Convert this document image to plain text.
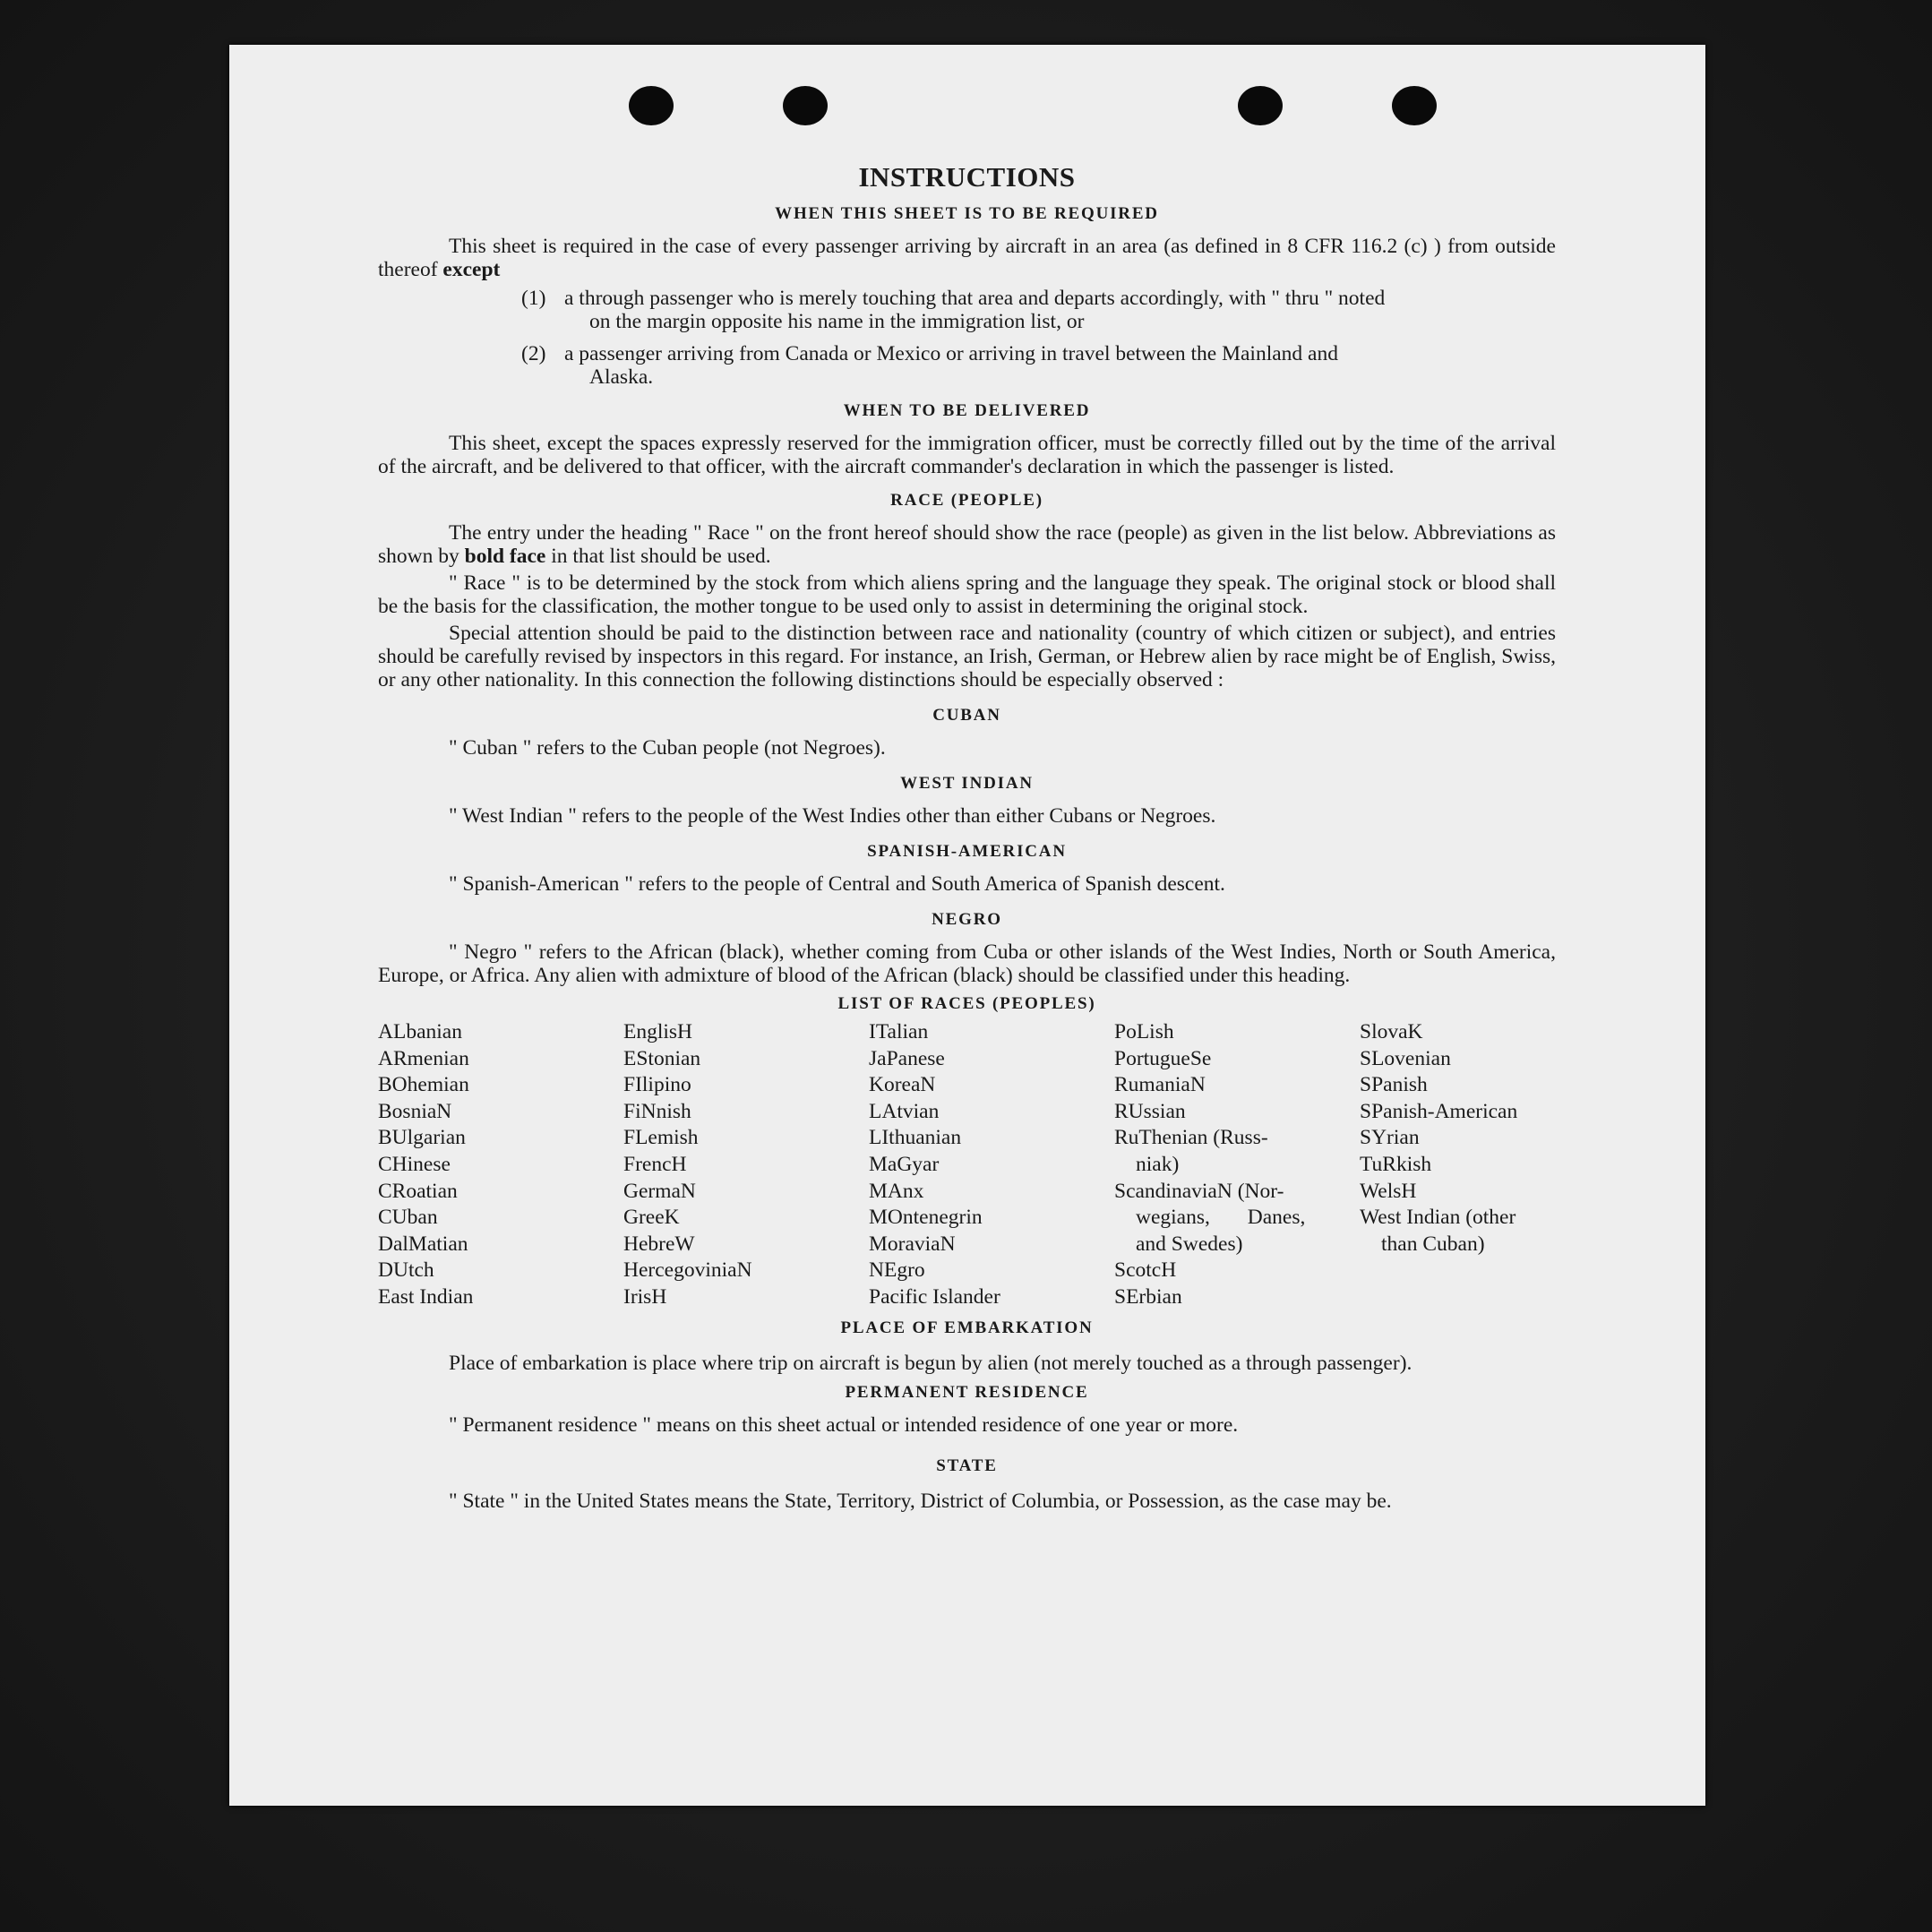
INSTRUCTIONS
WHEN THIS SHEET IS TO BE REQUIRED
This sheet is required in the case of every passenger arriving by aircraft in an area (as defined in 8 CFR 116.2 (c) ) from outside thereof except
(1) a through passenger who is merely touching that area and departs accordingly, with " thru " noted
on the margin opposite his name in the immigration list, or
(2) a passenger arriving from Canada or Mexico or arriving in travel between the Mainland and
Alaska.
WHEN TO BE DELIVERED
This sheet, except the spaces expressly reserved for the immigration officer, must be correctly filled out by the time of the arrival of the aircraft, and be delivered to that officer, with the aircraft commander's declaration in which the passenger is listed.
RACE (PEOPLE)
The entry under the heading " Race " on the front hereof should show the race (people) as given in the list below. Abbreviations as shown by bold face in that list should be used.
" Race " is to be determined by the stock from which aliens spring and the language they speak. The original stock or blood shall be the basis for the classification, the mother tongue to be used only to assist in determining the original stock.
Special attention should be paid to the distinction between race and nationality (country of which citizen or subject), and entries should be carefully revised by inspectors in this regard. For instance, an Irish, German, or Hebrew alien by race might be of English, Swiss, or any other nationality. In this connection the following distinctions should be especially observed :
CUBAN
" Cuban " refers to the Cuban people (not Negroes).
WEST INDIAN
" West Indian " refers to the people of the West Indies other than either Cubans or Negroes.
SPANISH-AMERICAN
" Spanish-American " refers to the people of Central and South America of Spanish descent.
NEGRO
" Negro " refers to the African (black), whether coming from Cuba or other islands of the West Indies, North or South America, Europe, or Africa. Any alien with admixture of blood of the African (black) should be classified under this heading.
LIST OF RACES (PEOPLES)
ALbanian
ARmenian
BOhemian
BosniaN
BUlgarian
CHinese
CRoatian
CUban
DalMatian
DUtch
East Indian
EnglisH
EStonian
FIlipino
FiNnish
FLemish
FrencH
GermaN
GreeK
HebreW
HercegoviniaN
IrisH
ITalian
JaPanese
KoreaN
LAtvian
LIthuanian
MaGyar
MAnx
MOntenegrin
MoraviaN
NEgro
Pacific Islander
PoLish
PortugueSe
RumaniaN
RUssian
RuThenian (Russ-
niak)
ScandinaviaN (Nor-
wegians, Danes,
and Swedes)
ScotcH
SErbian
SlovaK
SLovenian
SPanish
SPanish-American
SYrian
TuRkish
WelsH
West Indian (other
than Cuban)
PLACE OF EMBARKATION
Place of embarkation is place where trip on aircraft is begun by alien (not merely touched as a through passenger).
PERMANENT RESIDENCE
" Permanent residence " means on this sheet actual or intended residence of one year or more.
STATE
" State " in the United States means the State, Territory, District of Columbia, or Possession, as the case may be.
